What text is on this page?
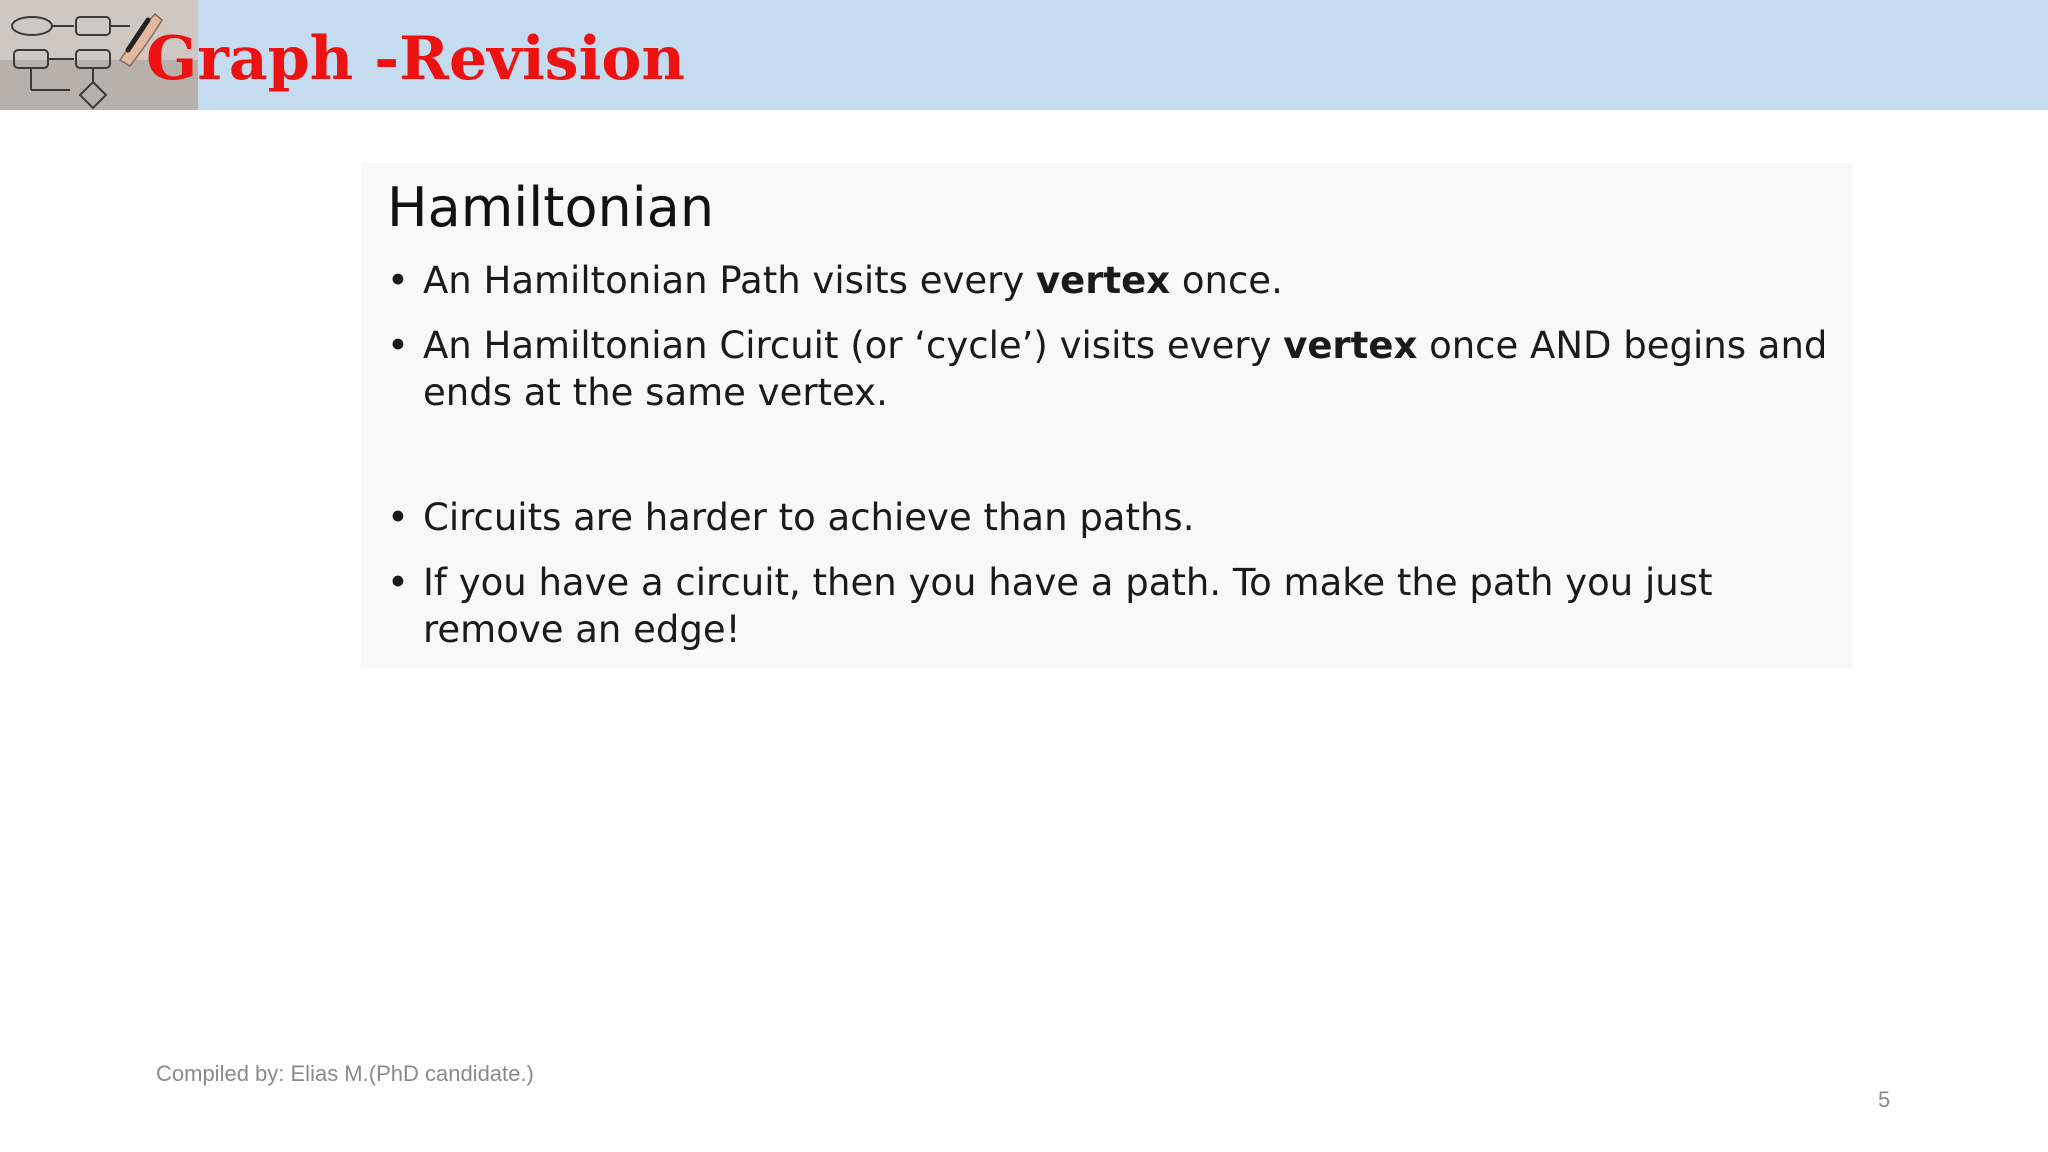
Graph -Revision
Hamiltonian
• An Hamiltonian Path visits every vertex once.
• An Hamiltonian Circuit (or ‘cycle’) visits every vertex once AND begins and ends at the same vertex.
• Circuits are harder to achieve than paths.
• If you have a circuit, then you have a path. To make the path you just remove an edge!
Compiled by: Elias M.(PhD candidate.)
5
